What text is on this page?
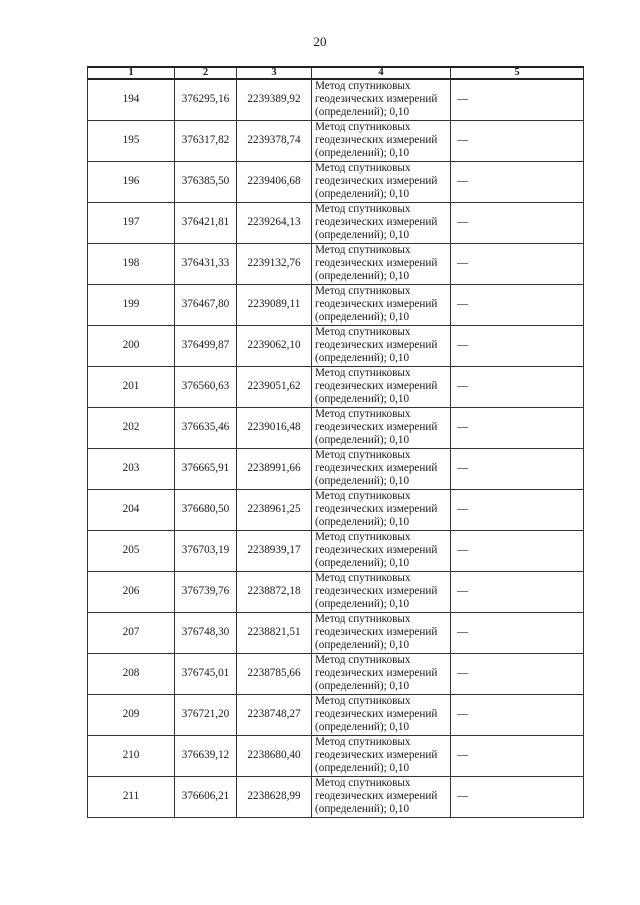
20
1	2	3	4	5
194	376295,16	2239389,92	Метод спутниковых
геодезических измерений
(определений); 0,10	—
195	376317,82	2239378,74	Метод спутниковых
геодезических измерений
(определений); 0,10	—
196	376385,50	2239406,68	Метод спутниковых
геодезических измерений
(определений); 0,10	—
197	376421,81	2239264,13	Метод спутниковых
геодезических измерений
(определений); 0,10	—
198	376431,33	2239132,76	Метод спутниковых
геодезических измерений
(определений); 0,10	—
199	376467,80	2239089,11	Метод спутниковых
геодезических измерений
(определений); 0,10	—
200	376499,87	2239062,10	Метод спутниковых
геодезических измерений
(определений); 0,10	—
201	376560,63	2239051,62	Метод спутниковых
геодезических измерений
(определений); 0,10	—
202	376635,46	2239016,48	Метод спутниковых
геодезических измерений
(определений); 0,10	—
203	376665,91	2238991,66	Метод спутниковых
геодезических измерений
(определений); 0,10	—
204	376680,50	2238961,25	Метод спутниковых
геодезических измерений
(определений); 0,10	—
205	376703,19	2238939,17	Метод спутниковых
геодезических измерений
(определений); 0,10	—
206	376739,76	2238872,18	Метод спутниковых
геодезических измерений
(определений); 0,10	—
207	376748,30	2238821,51	Метод спутниковых
геодезических измерений
(определений); 0,10	—
208	376745,01	2238785,66	Метод спутниковых
геодезических измерений
(определений); 0,10	—
209	376721,20	2238748,27	Метод спутниковых
геодезических измерений
(определений); 0,10	—
210	376639,12	2238680,40	Метод спутниковых
геодезических измерений
(определений); 0,10	—
211	376606,21	2238628,99	Метод спутниковых
геодезических измерений
(определений); 0,10	—
